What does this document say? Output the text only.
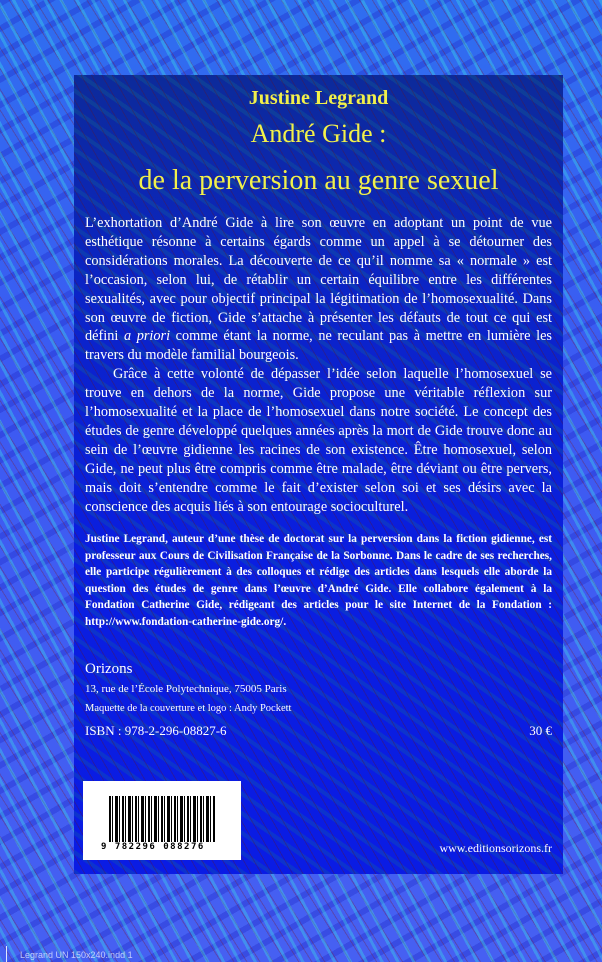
Justine Legrand
André Gide :
de la perversion au genre sexuel

L’exhortation d’André Gide à lire son œuvre en adoptant un point de vue esthétique résonne à certains égards comme un appel à se détourner des considérations morales. La découverte de ce qu’il nomme sa « normale » est l’occasion, selon lui, de rétablir un certain équilibre entre les différentes sexualités, avec pour objectif principal la légitimation de l’homosexualité. Dans son œuvre de fiction, Gide s’attache à présenter les défauts de tout ce qui est défini a priori comme étant la norme, ne reculant pas à mettre en lumière les travers du modèle familial bourgeois.

Grâce à cette volonté de dépasser l’idée selon laquelle l’homosexuel se trouve en dehors de la norme, Gide propose une véritable réflexion sur l’homosexualité et la place de l’homosexuel dans notre société. Le concept des études de genre développé quelques années après la mort de Gide trouve donc au sein de l’œuvre gidienne les racines de son existence. Être homosexuel, selon Gide, ne peut plus être compris comme être malade, être déviant ou être pervers, mais doit s’entendre comme le fait d’exister selon soi et ses désirs avec la conscience des acquis liés à son entourage socioculturel.

Justine Legrand, auteur d’une thèse de doctorat sur la perversion dans la fiction gidienne, est professeur aux Cours de Civilisation Française de la Sorbonne. Dans le cadre de ses recherches, elle participe régulièrement à des colloques et rédige des articles dans lesquels elle aborde la question des études de genre dans l’œuvre d’André Gide. Elle collabore également à la Fondation Catherine Gide, rédigeant des articles pour le site Internet de la Fondation : http://www.fondation-catherine-gide.org/.
Orizons
13, rue de l’École Polytechnique, 75005 Paris
Maquette de la couverture et logo : Andy Pockett
ISBN : 978-2-296-08827-6	30 €
9 782296 088276	www.editionsorizons.fr
Legrand UN 150x240.indd 1
